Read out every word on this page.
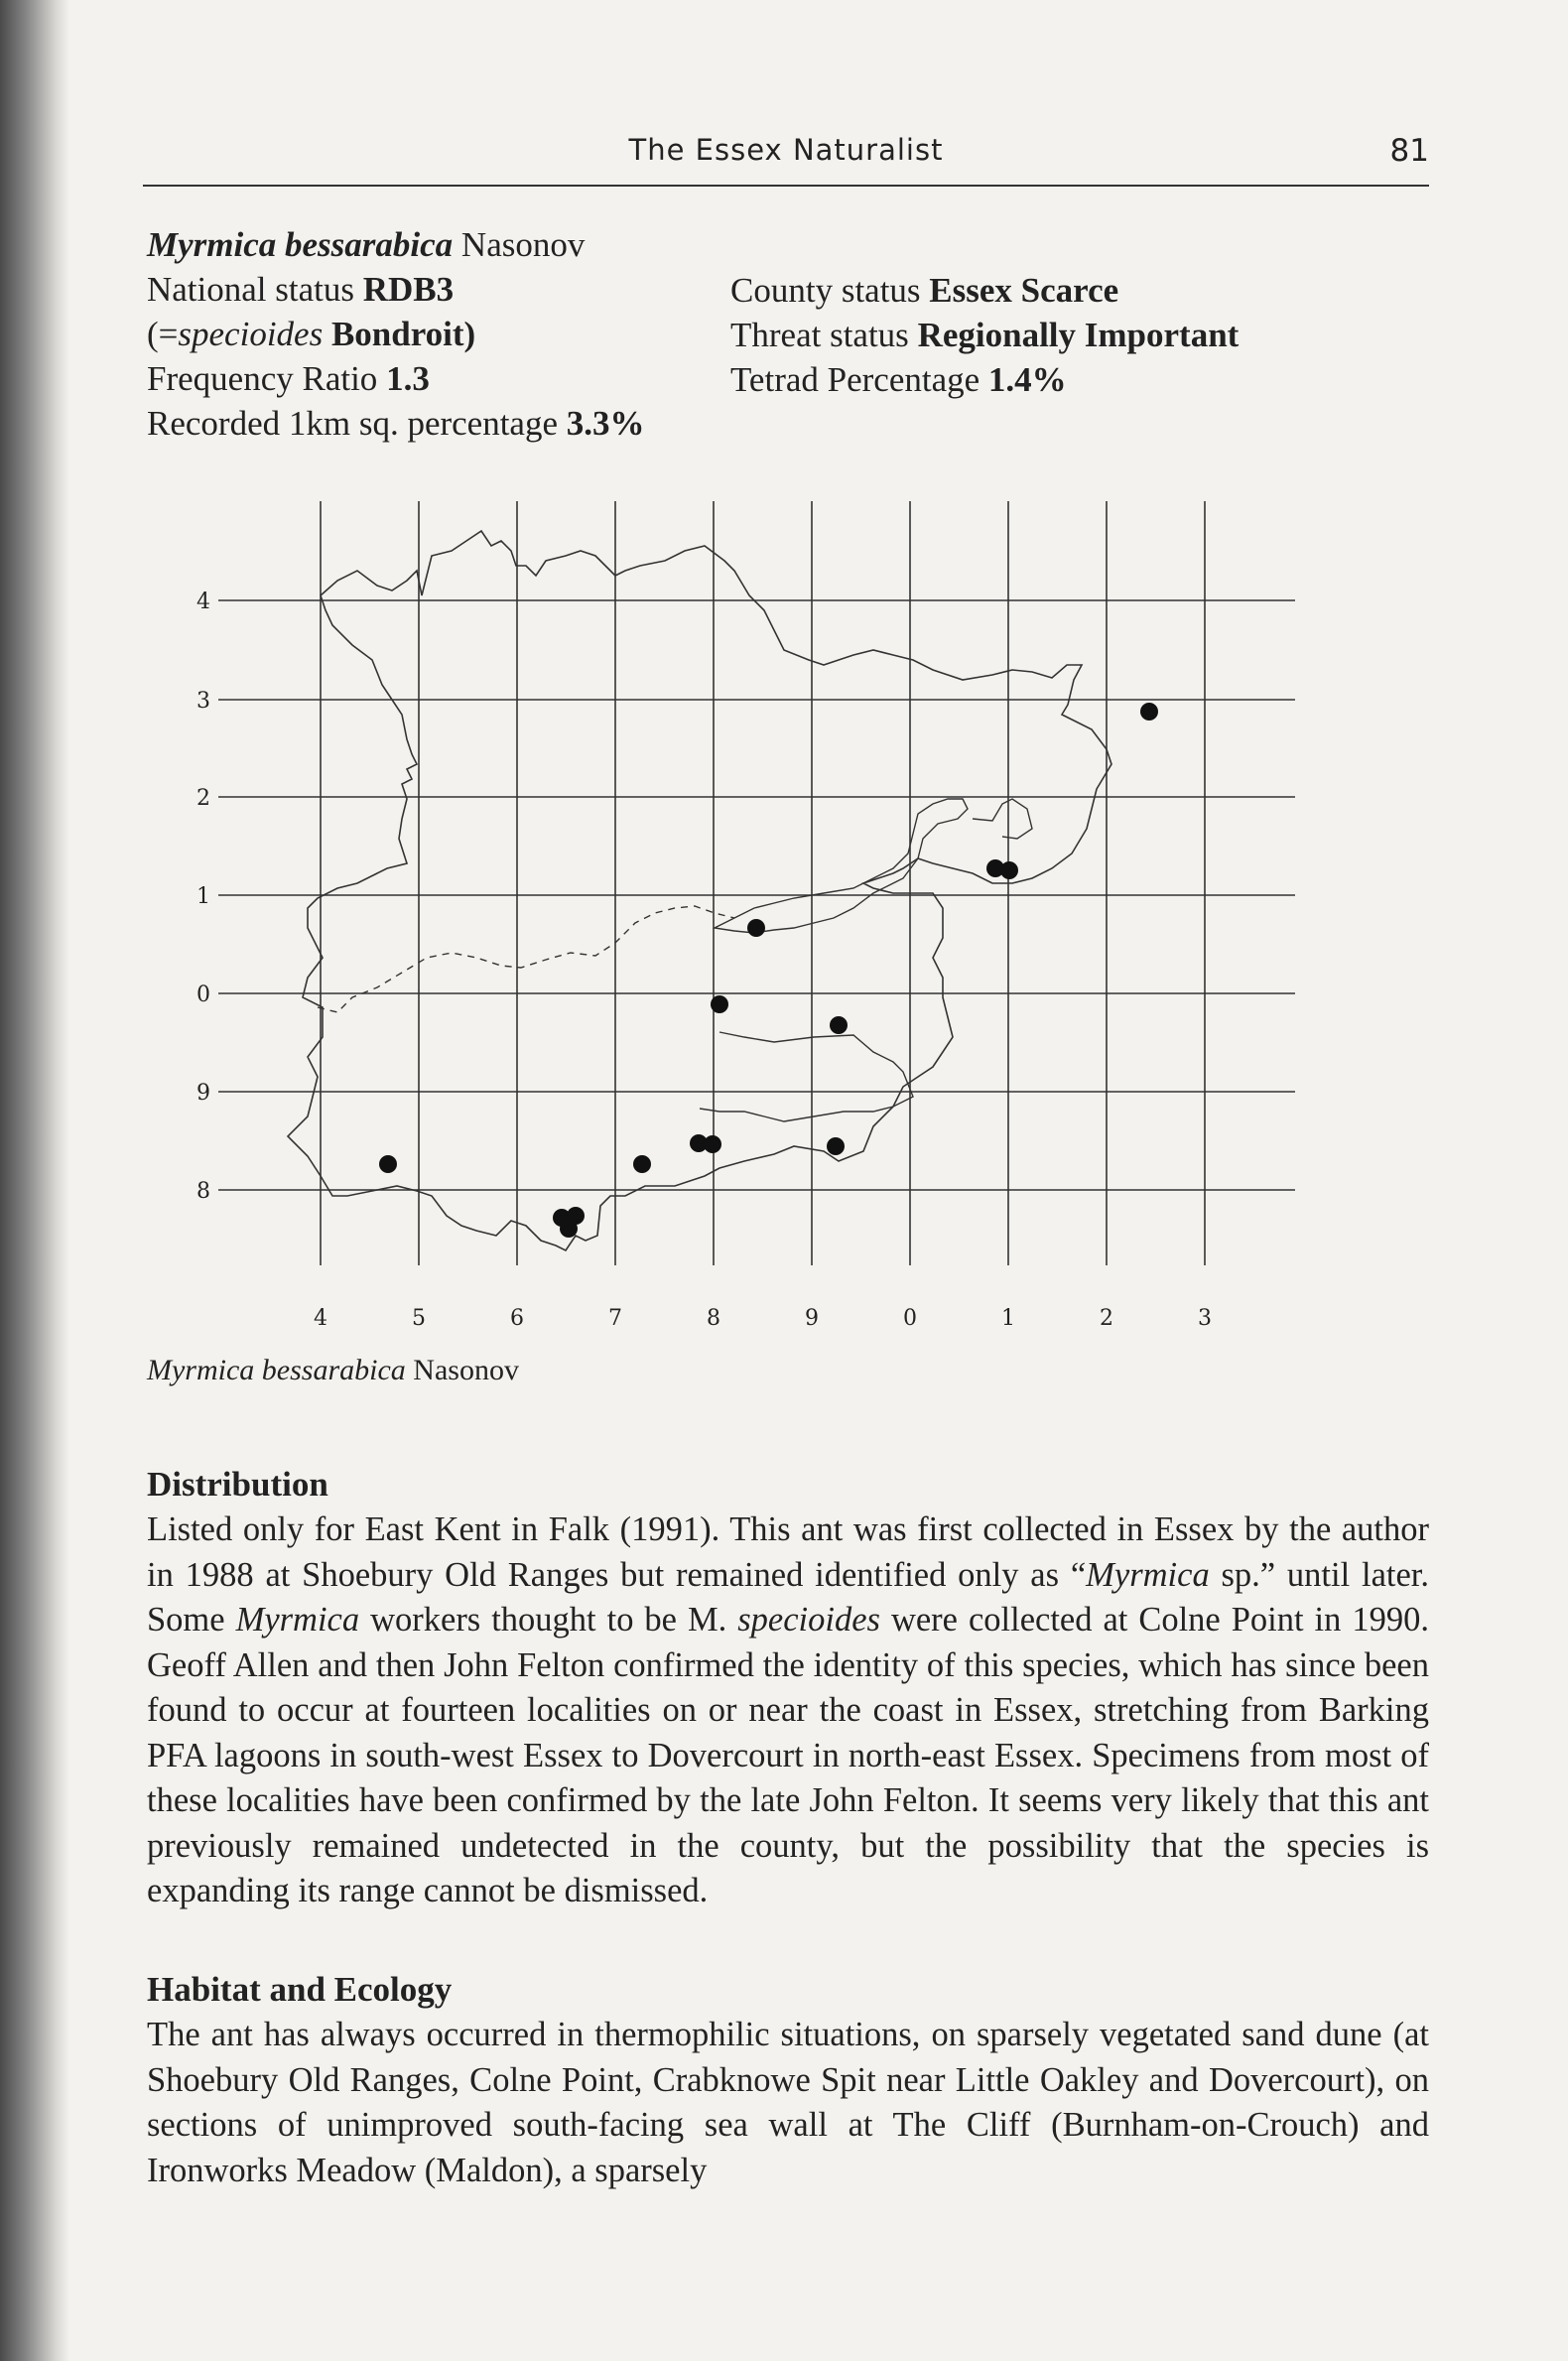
The Essex Naturalist	81
Myrmica bessarabica Nasonov
National status RDB3
(=specioides Bondroit)
Frequency Ratio 1.3
Recorded 1km sq. percentage 3.3%
County status Essex Scarce
Threat status Regionally Important
Tetrad Percentage 1.4%
4
3
2
1
0
9
8
4	5	6	7	8	9	0	1	2	3
Myrmica bessarabica Nasonov
Distribution

Listed only for East Kent in Falk (1991). This ant was first collected in Essex by the author in 1988 at Shoebury Old Ranges but remained identified only as “Myrmica sp.” until later. Some Myrmica workers thought to be M. specioides were collected at Colne Point in 1990. Geoff Allen and then John Felton confirmed the identity of this species, which has since been found to occur at fourteen localities on or near the coast in Essex, stretching from Barking PFA lagoons in south-west Essex to Dovercourt in north-east Essex. Specimens from most of these localities have been confirmed by the late John Felton. It seems very likely that this ant previously remained undetected in the county, but the possibility that the species is expanding its range cannot be dismissed.

Habitat and Ecology

The ant has always occurred in thermophilic situations, on sparsely vegetated sand dune (at Shoebury Old Ranges, Colne Point, Crabknowe Spit near Little Oakley and Dovercourt), on sections of unimproved south-facing sea wall at The Cliff (Burnham-on-Crouch) and Ironworks Meadow (Maldon), a sparsely
